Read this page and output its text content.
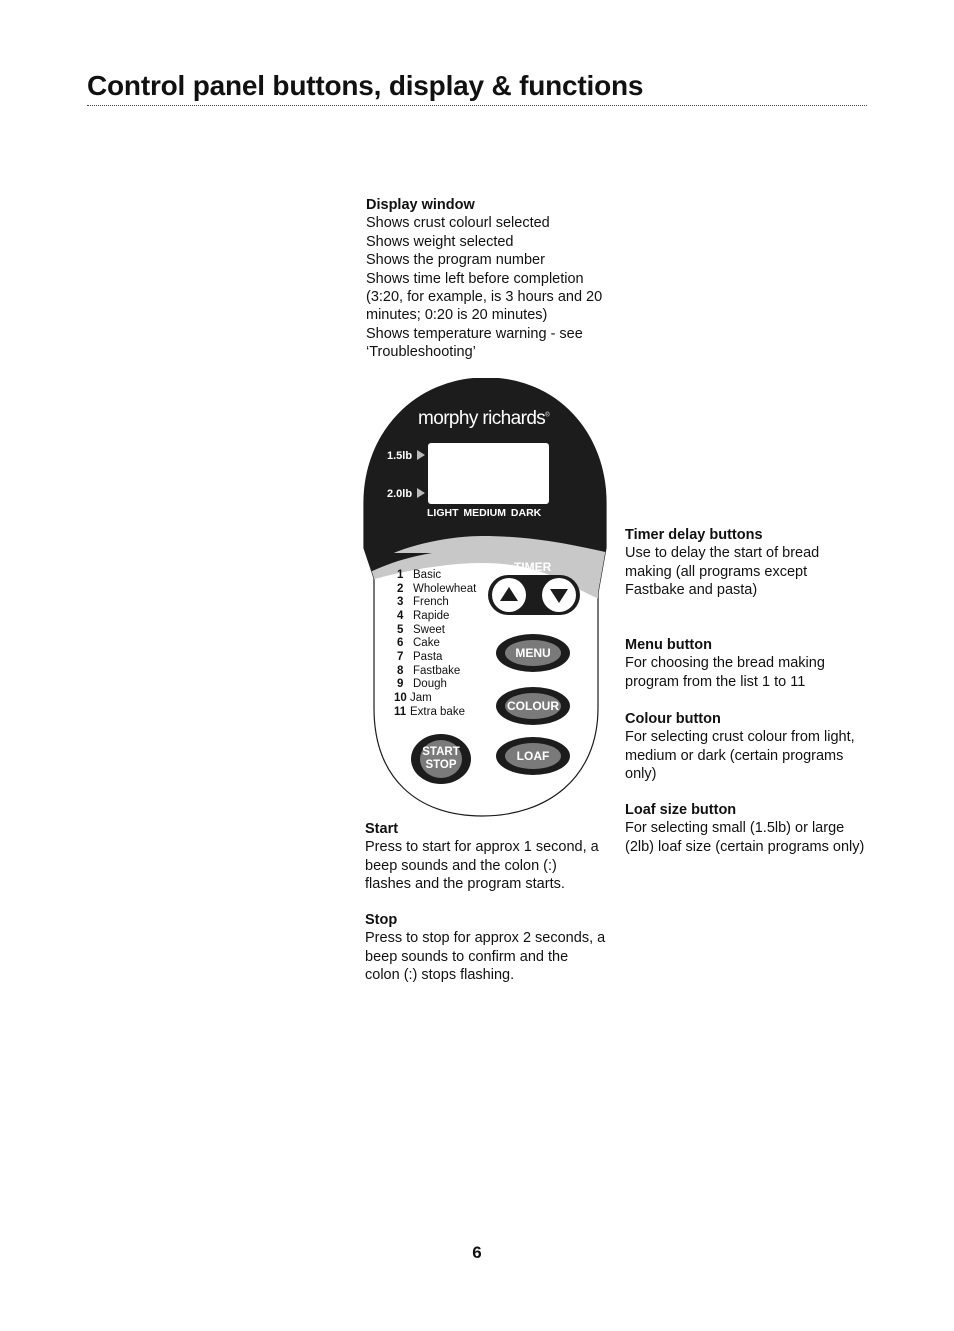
Control panel buttons, display & functions
Display window
Shows crust colourl selected
Shows weight selected
Shows the program number
Shows time left before completion
(3:20, for example, is 3 hours and 20
minutes; 0:20 is 20 minutes)
Shows temperature warning - see
‘Troubleshooting’
Timer delay buttons
Use to delay the start of bread
making (all programs except
Fastbake and pasta)
Menu button
For choosing the bread making
program from the list 1 to 11
Colour button
For selecting crust colour from light,
medium or dark (certain programs
only)
Loaf size button
For selecting small (1.5lb) or large
(2lb) loaf size (certain programs only)
Start
Press to start for approx 1 second, a
beep sounds and the colon (:)
flashes and the program starts.
Stop
Press to stop for approx 2 seconds, a
beep sounds to confirm and the
colon (:) stops flashing.
morphy richards®
1.5lb
2.0lb
LIGHT MEDIUM DARK
TIMER
1 Basic
2 Wholewheat
3 French
4 Rapide
5 Sweet
6 Cake
7 Pasta
8 Fastbake
9 Dough
10 Jam
11 Extra bake
MENU
COLOUR
LOAF
START
STOP
6
